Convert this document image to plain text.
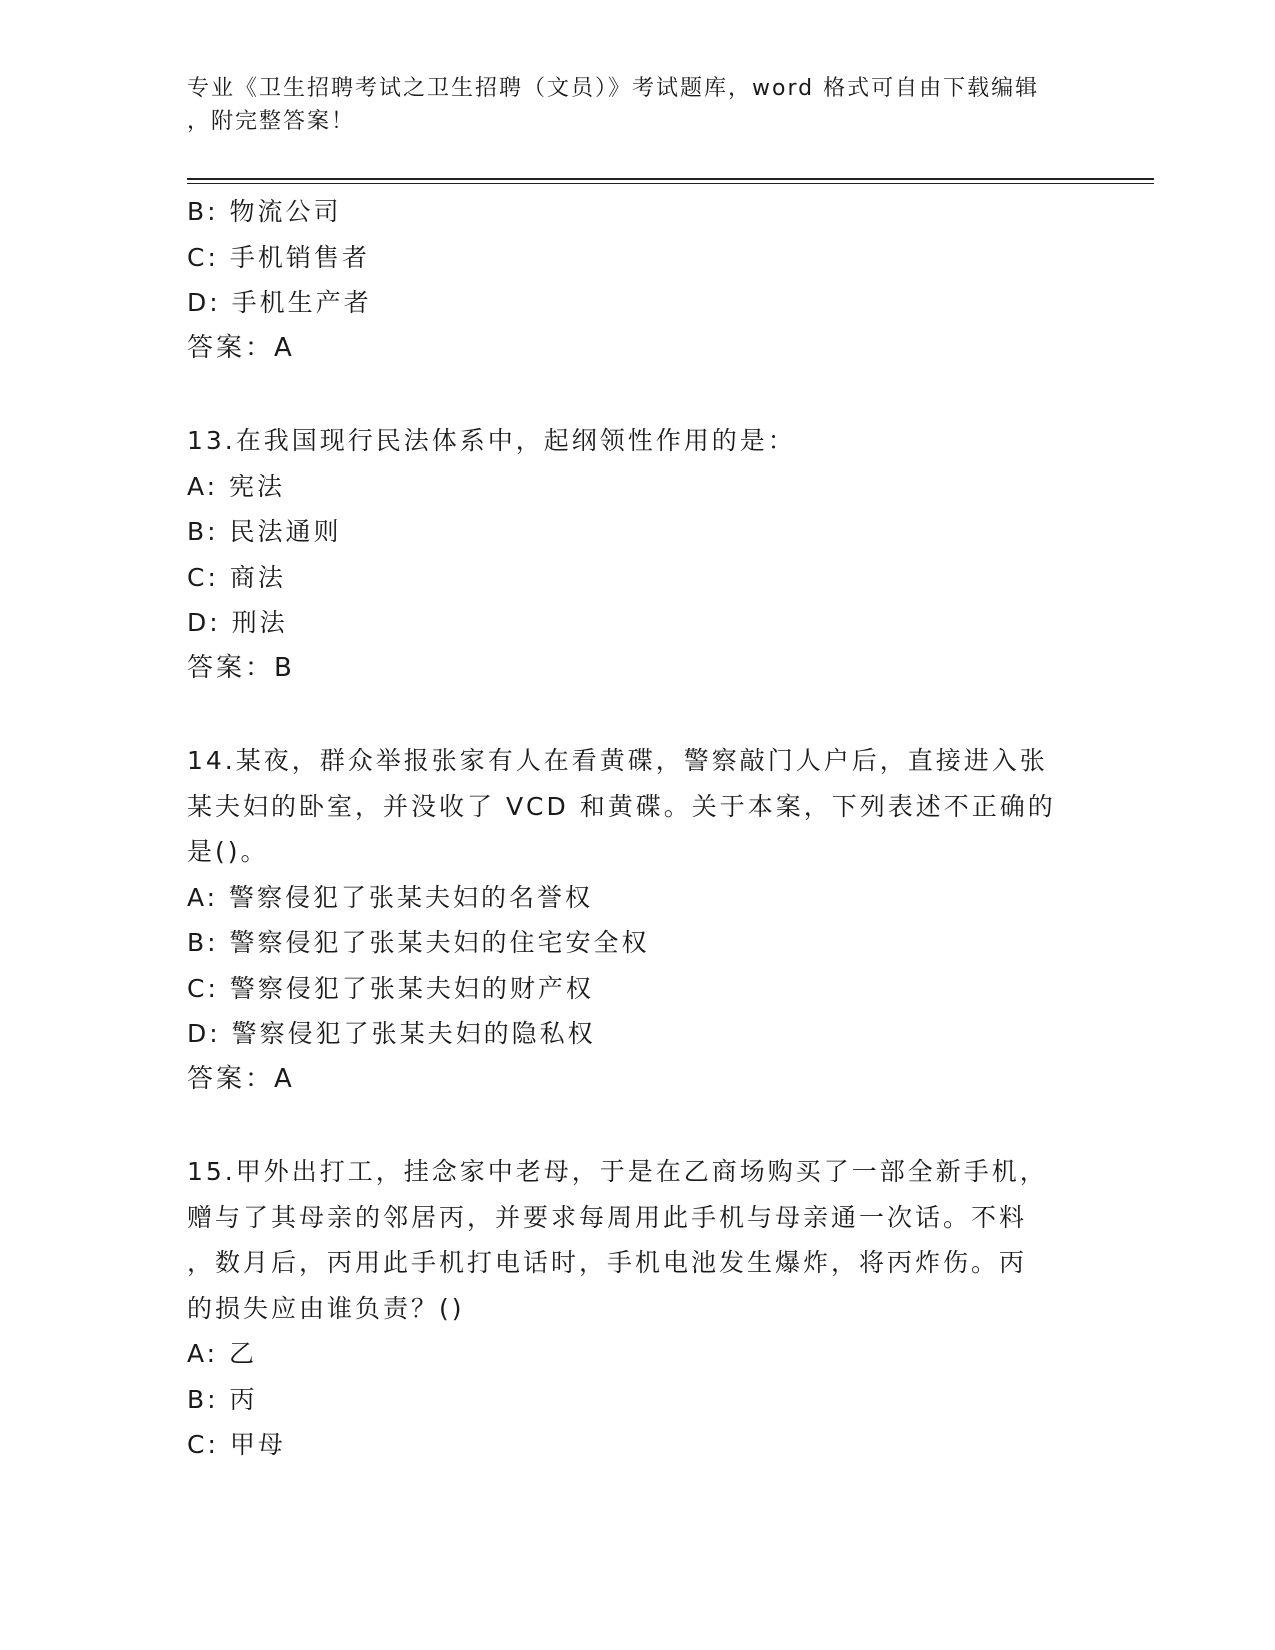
专业《卫生招聘考试之卫生招聘（文员）》考试题库，word 格式可自由下载编辑
，附完整答案！
B: 物流公司
C: 手机销售者
D: 手机生产者
答案：A
13.在我国现行民法体系中，起纲领性作用的是：
A: 宪法
B: 民法通则
C: 商法
D: 刑法
答案：B
14.某夜，群众举报张家有人在看黄碟，警察敲门人户后，直接进入张
某夫妇的卧室，并没收了 VCD 和黄碟。关于本案，下列表述不正确的
是()。
A: 警察侵犯了张某夫妇的名誉权
B: 警察侵犯了张某夫妇的住宅安全权
C: 警察侵犯了张某夫妇的财产权
D: 警察侵犯了张某夫妇的隐私权
答案：A
15.甲外出打工，挂念家中老母，于是在乙商场购买了一部全新手机，
赠与了其母亲的邻居丙，并要求每周用此手机与母亲通一次话。不料
，数月后，丙用此手机打电话时，手机电池发生爆炸，将丙炸伤。丙
的损失应由谁负责？()
A: 乙
B: 丙
C: 甲母
